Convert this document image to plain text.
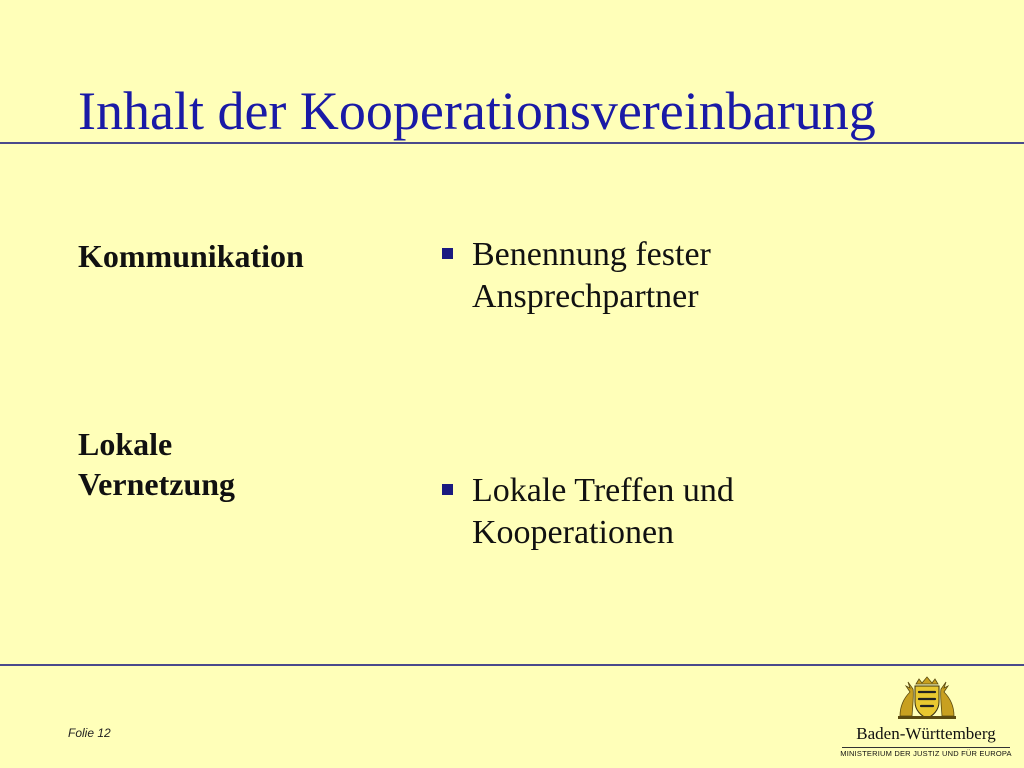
Inhalt der Kooperationsvereinbarung
Kommunikation	Benennung fester
Ansprechpartner
Lokale
Vernetzung	Lokale Treffen und
Kooperationen
Folie 12	Baden-Württemberg
MINISTERIUM DER JUSTIZ UND FÜR EUROPA
